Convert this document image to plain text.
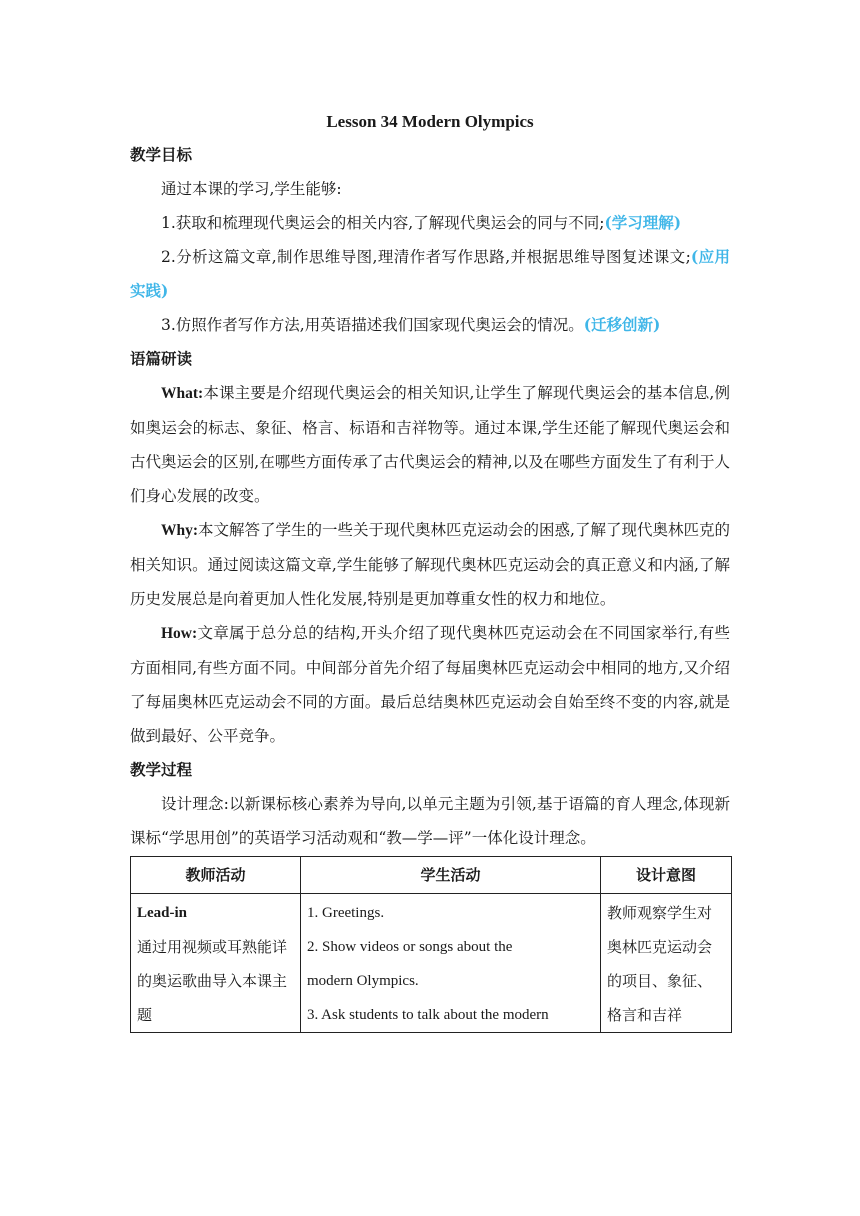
Lesson 34 Modern Olympics
教学目标

通过本课的学习,学生能够:

1.获取和梳理现代奥运会的相关内容,了解现代奥运会的同与不同;(学习理解)

2.分析这篇文章,制作思维导图,理清作者写作思路,并根据思维导图复述课文;(应用实践)

3.仿照作者写作方法,用英语描述我们国家现代奥运会的情况。(迁移创新)

语篇研读

What:本课主要是介绍现代奥运会的相关知识,让学生了解现代奥运会的基本信息,例如奥运会的标志、象征、格言、标语和吉祥物等。通过本课,学生还能了解现代奥运会和古代奥运会的区别,在哪些方面传承了古代奥运会的精神,以及在哪些方面发生了有利于人们身心发展的改变。

Why:本文解答了学生的一些关于现代奥林匹克运动会的困惑,了解了现代奥林匹克的相关知识。通过阅读这篇文章,学生能够了解现代奥林匹克运动会的真正意义和内涵,了解历史发展总是向着更加人性化发展,特别是更加尊重女性的权力和地位。

How:文章属于总分总的结构,开头介绍了现代奥林匹克运动会在不同国家举行,有些方面相同,有些方面不同。中间部分首先介绍了每届奥林匹克运动会中相同的地方,又介绍了每届奥林匹克运动会不同的方面。最后总结奥林匹克运动会自始至终不变的内容,就是做到最好、公平竞争。

教学过程

设计理念:以新课标核心素养为导向,以单元主题为引领,基于语篇的育人理念,体现新课标“学思用创”的英语学习活动观和“教—学—评”一体化设计理念。

教师活动	学生活动	设计意图

Lead-in
通过用视频或耳熟能详的奥运歌曲导入本课主题	1. Greetings.
2. Show videos or songs about the
modern Olympics.
3. Ask students to talk about the modern	教师观察学生对奥林匹克运动会的项目、象征、格言和吉祥
